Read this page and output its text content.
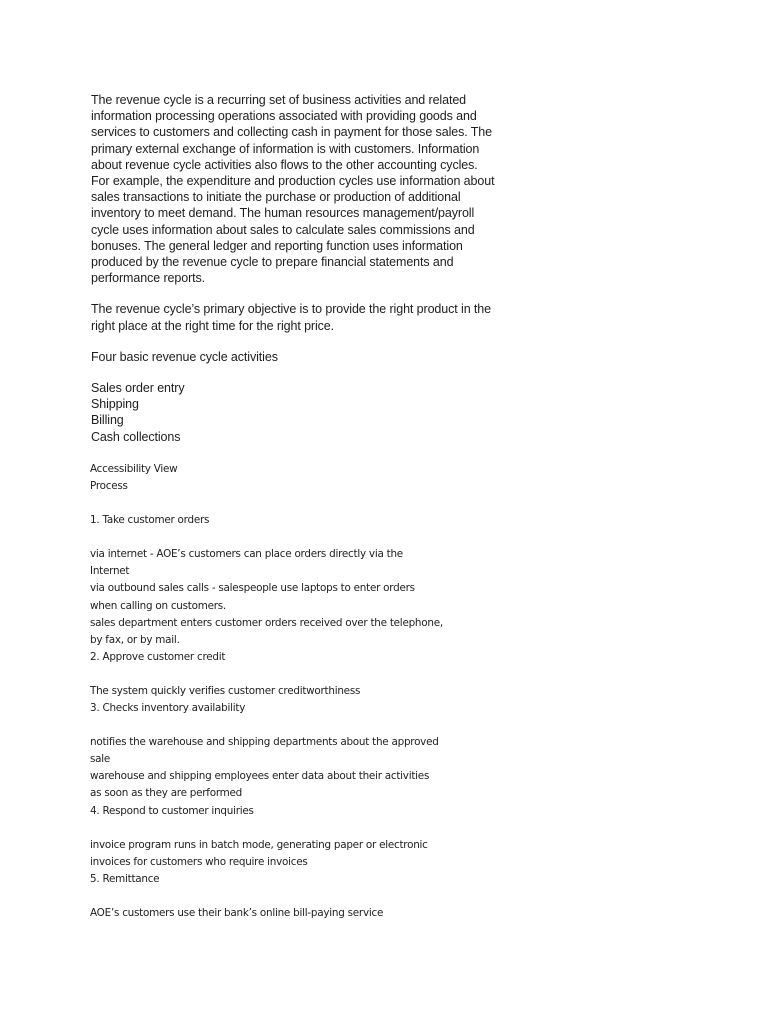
The revenue cycle is a recurring set of business activities and related

information processing operations associated with providing goods and

services to customers and collecting cash in payment for those sales. The

primary external exchange of information is with customers. Information

about revenue cycle activities also flows to the other accounting cycles.

For example, the expenditure and production cycles use information about

sales transactions to initiate the purchase or production of additional

inventory to meet demand. The human resources management/payroll

cycle uses information about sales to calculate sales commissions and

bonuses. The general ledger and reporting function uses information

produced by the revenue cycle to prepare financial statements and

performance reports.

The revenue cycle’s primary objective is to provide the right product in the

right place at the right time for the right price.

Four basic revenue cycle activities

Sales order entry

Shipping

Billing

Cash collections

Accessibility View

Process

1. Take customer orders

via internet - AOE’s customers can place orders directly via the

Internet

via outbound sales calls - salespeople use laptops to enter orders

when calling on customers.

sales department enters customer orders received over the telephone,

by fax, or by mail.

2. Approve customer credit

The system quickly verifies customer creditworthiness

3. Checks inventory availability

notifies the warehouse and shipping departments about the approved

sale

warehouse and shipping employees enter data about their activities

as soon as they are performed

4. Respond to customer inquiries

invoice program runs in batch mode, generating paper or electronic

invoices for customers who require invoices

5. Remittance

AOE’s customers use their bank’s online bill-paying service
